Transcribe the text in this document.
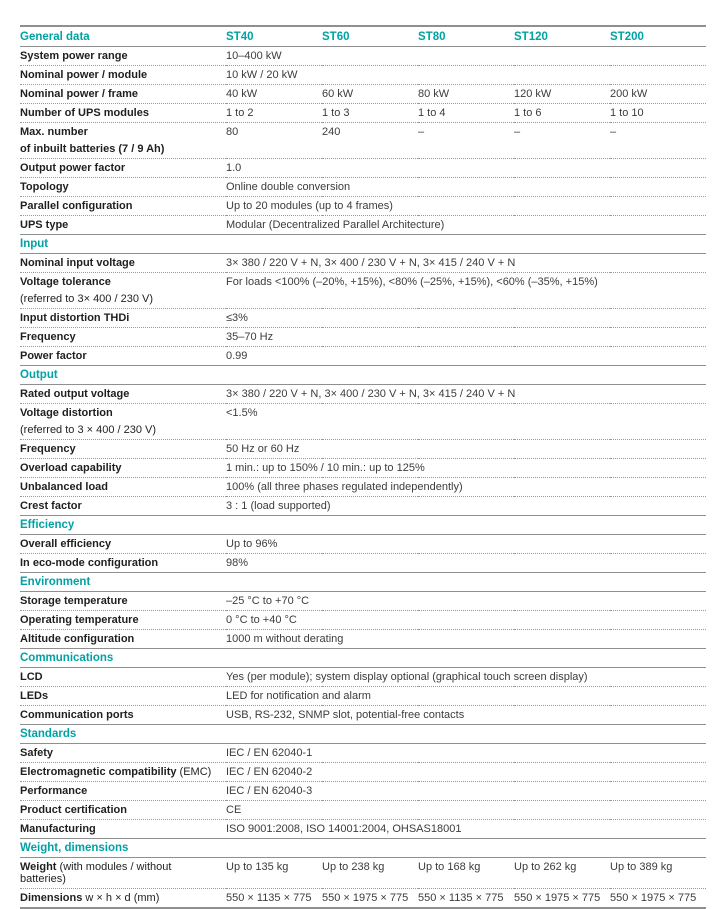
General data	ST40	ST60	ST80	ST120	ST200
System power range	10–400 kW				
Nominal power / module	10 kW / 20 kW				
Nominal power / frame	40 kW	60 kW	80 kW	120 kW	200 kW
Number of UPS modules	1 to 2	1 to 3	1 to 4	1 to 6	1 to 10
Max. number
of inbuilt batteries (7 / 9 Ah)	80	240	–	–	–
Output power factor	1.0				
Topology	Online double conversion				
Parallel configuration	Up to 20 modules (up to 4 frames)				
UPS type	Modular (Decentralized Parallel Architecture)				
Input					
Nominal input voltage	3× 380 / 220 V + N, 3× 400 / 230 V + N, 3× 415 / 240 V + N				
Voltage tolerance
(referred to 3× 400 / 230 V)	For loads <100% (–20%, +15%), <80% (–25%, +15%), <60% (–35%, +15%)				
Input distortion THDi	≤3%				
Frequency	35–70 Hz				
Power factor	0.99				
Output					
Rated output voltage	3× 380 / 220 V + N, 3× 400 / 230 V + N, 3× 415 / 240 V + N				
Voltage distortion
(referred to 3 × 400 / 230 V)	<1.5%				
Frequency	50 Hz or 60 Hz				
Overload capability	1 min.: up to 150% / 10 min.: up to 125%				
Unbalanced load	100% (all three phases regulated independently)				
Crest factor	3 : 1 (load supported)				
Efficiency					
Overall efficiency	Up to 96%				
In eco-mode configuration	98%				
Environment					
Storage temperature	–25 °C to +70 °C				
Operating temperature	0 °C to +40 °C				
Altitude configuration	1000 m without derating				
Communications					
LCD	Yes (per module); system display optional (graphical touch screen display)				
LEDs	LED for notification and alarm				
Communication ports	USB, RS-232, SNMP slot, potential-free contacts				
Standards					
Safety	IEC / EN 62040-1				
Electromagnetic compatibility (EMC)	IEC / EN 62040-2				
Performance	IEC / EN 62040-3				
Product certification	CE				
Manufacturing	ISO 9001:2008, ISO 14001:2004, OHSAS18001				
Weight, dimensions					
Weight (with modules / without batteries)	Up to 135 kg	Up to 238 kg	Up to 168 kg	Up to 262 kg	Up to 389 kg
Dimensions w × h × d (mm)	550 × 1135 × 775	550 × 1975 × 775	550 × 1135 × 775	550 × 1975 × 775	550 × 1975 × 775
